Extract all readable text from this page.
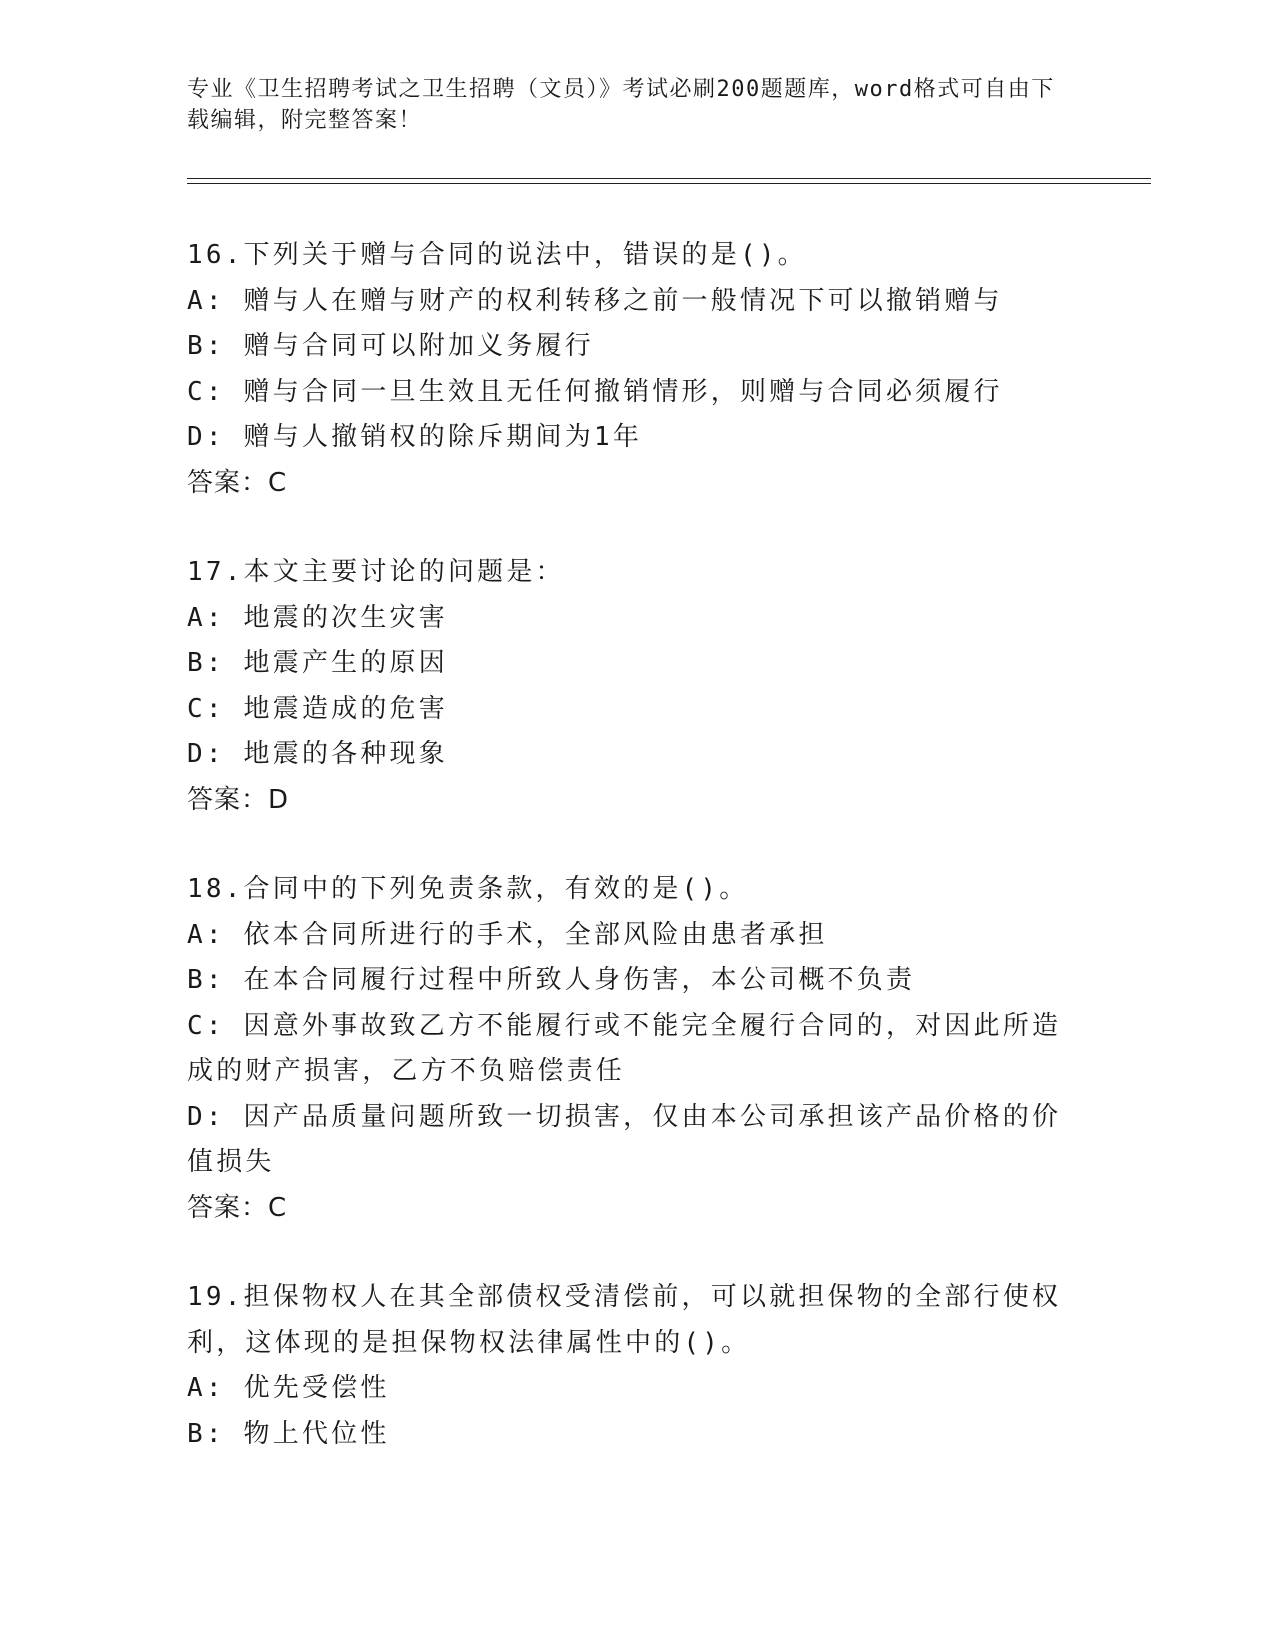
专业《卫生招聘考试之卫生招聘（文员）》考试必刷200题题库，word格式可自由下载编辑，附完整答案！
16.下列关于赠与合同的说法中，错误的是()。
A: 赠与人在赠与财产的权利转移之前一般情况下可以撤销赠与
B: 赠与合同可以附加义务履行
C: 赠与合同一旦生效且无任何撤销情形，则赠与合同必须履行
D: 赠与人撤销权的除斥期间为1年
答案：C
17.本文主要讨论的问题是：
A: 地震的次生灾害
B: 地震产生的原因
C: 地震造成的危害
D: 地震的各种现象
答案：D
18.合同中的下列免责条款，有效的是()。
A: 依本合同所进行的手术，全部风险由患者承担
B: 在本合同履行过程中所致人身伤害，本公司概不负责
C: 因意外事故致乙方不能履行或不能完全履行合同的，对因此所造成的财产损害，乙方不负赔偿责任
D: 因产品质量问题所致一切损害，仅由本公司承担该产品价格的价值损失
答案：C
19.担保物权人在其全部债权受清偿前，可以就担保物的全部行使权利，这体现的是担保物权法律属性中的()。
A: 优先受偿性
B: 物上代位性
